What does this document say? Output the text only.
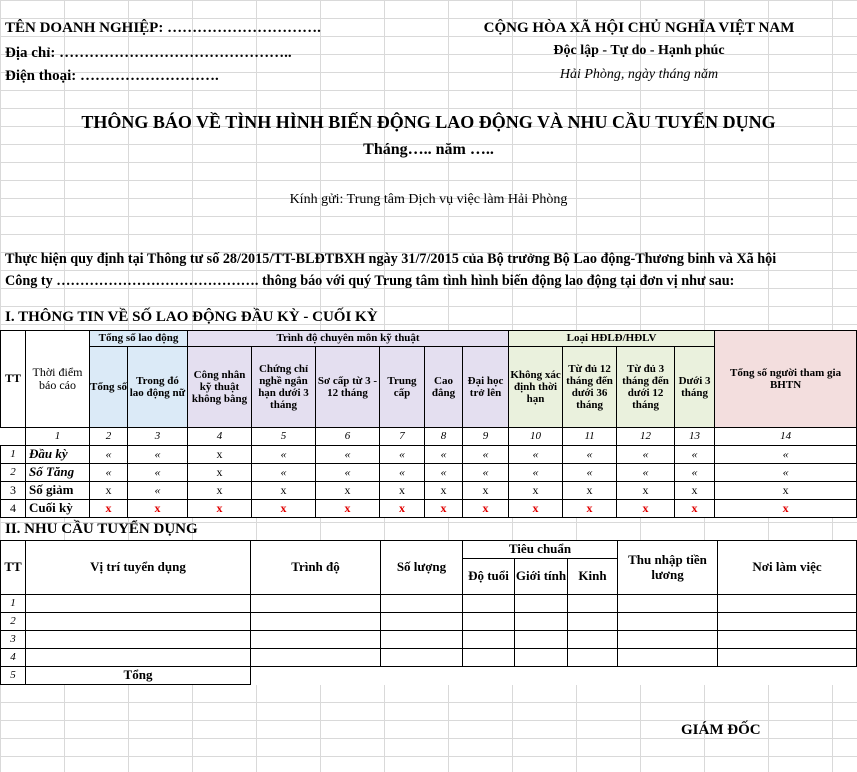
TÊN DOANH NGHIỆP: ………………………….
Địa chỉ: ………………………………………..
Điện thoại: ……………………….
CỘNG HÒA XÃ HỘI CHỦ NGHĨA VIỆT NAM
Độc lập - Tự do - Hạnh phúc
Hải Phòng, ngày tháng năm
THÔNG BÁO VỀ TÌNH HÌNH BIẾN ĐỘNG LAO ĐỘNG VÀ NHU CẦU TUYỂN DỤNG
Tháng….. năm …..
Kính gửi: Trung tâm Dịch vụ việc làm Hải Phòng
Thực hiện quy định tại Thông tư số 28/2015/TT-BLĐTBXH ngày 31/7/2015 của Bộ trưởng Bộ Lao động-Thương binh và Xã hội
Công ty ……………………………………. thông báo với quý Trung tâm tình hình biến động lao động tại đơn vị như sau:
I. THÔNG TIN VỀ SỐ LAO ĐỘNG ĐẦU KỲ - CUỐI KỲ
TT	Thời điểm báo cáo	Tổng số lao động		Trình độ chuyên môn kỹ thuật						Loại HĐLĐ/HĐLV				Tổng số người tham gia BHTN
		Tổng số	Trong đó lao động nữ	Công nhân kỹ thuật không bằng	Chứng chỉ nghề ngắn hạn dưới 3 tháng	Sơ cấp từ 3 - 12 tháng	Trung cấp	Cao đẳng	Đại học trở lên	Không xác định thời hạn	Từ đủ 12 tháng đến dưới 36 tháng	Từ đủ 3 tháng đến dưới 12 tháng	Dưới 3 tháng	
	1	2	3	4	5	6	7	8	9	10	11	12	13	14
1	Đầu kỳ	«	«	x	«	«	«	«	«	«	«	«	«	«
2	Số Tăng	«	«	x	«	«	«	«	«	«	«	«	«	«
3	Số giảm	x	«	x	x	x	x	x	x	x	x	x	x	x
4	Cuối kỳ	x	x	x	x	x	x	x	x	x	x	x	x	x
II. NHU CẦU TUYỂN DỤNG
TT	Vị trí tuyển dụng	Trình độ	Số lượng	Tiêu chuẩn			Thu nhập tiền lương	Nơi làm việc
				Độ tuổi	Giới tính	Kinh		
1								
2								
3								
4								
5	Tổng							
GIÁM ĐỐC
